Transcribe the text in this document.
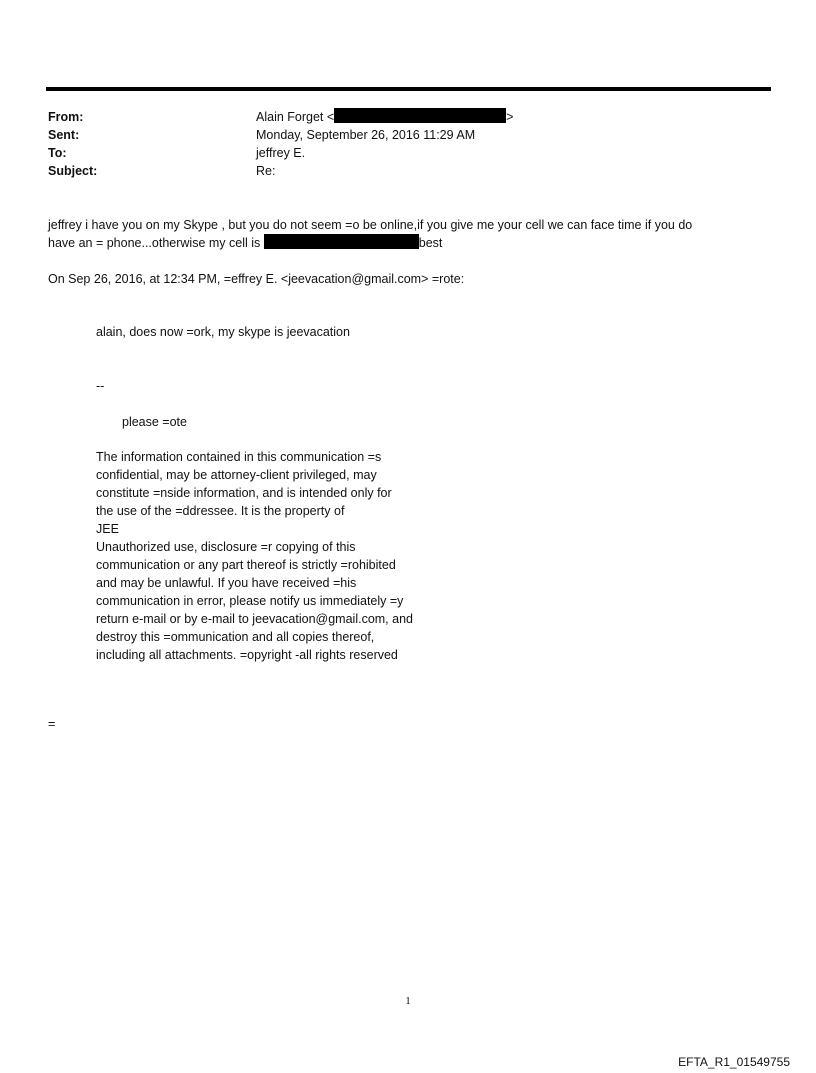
From:	Alain Forget <	>
Sent:	Monday, September 26, 2016 11:29 AM
To:	jeffrey E.
Subject:	Re:
jeffrey i have you on my Skype , but you do not seem =o be online,if you give me your cell we can face time if you do
have an = phone...otherwise my cell is	best
On Sep 26, 2016, at 12:34 PM, =effrey E. <jeevacation@gmail.com> =rote:
alain, does now =ork, my skype is jeevacation
--
please =ote
The information contained in this communication =s
confidential, may be attorney-client privileged, may
constitute =nside information, and is intended only for
the use of the =ddressee. It is the property of
JEE
Unauthorized use, disclosure =r copying of this
communication or any part thereof is strictly =rohibited
and may be unlawful. If you have received =his
communication in error, please notify us immediately =y
return e-mail or by e-mail to jeevacation@gmail.com, and
destroy this =ommunication and all copies thereof,
including all attachments. =opyright -all rights reserved
=
1
EFTA_R1_01549755
